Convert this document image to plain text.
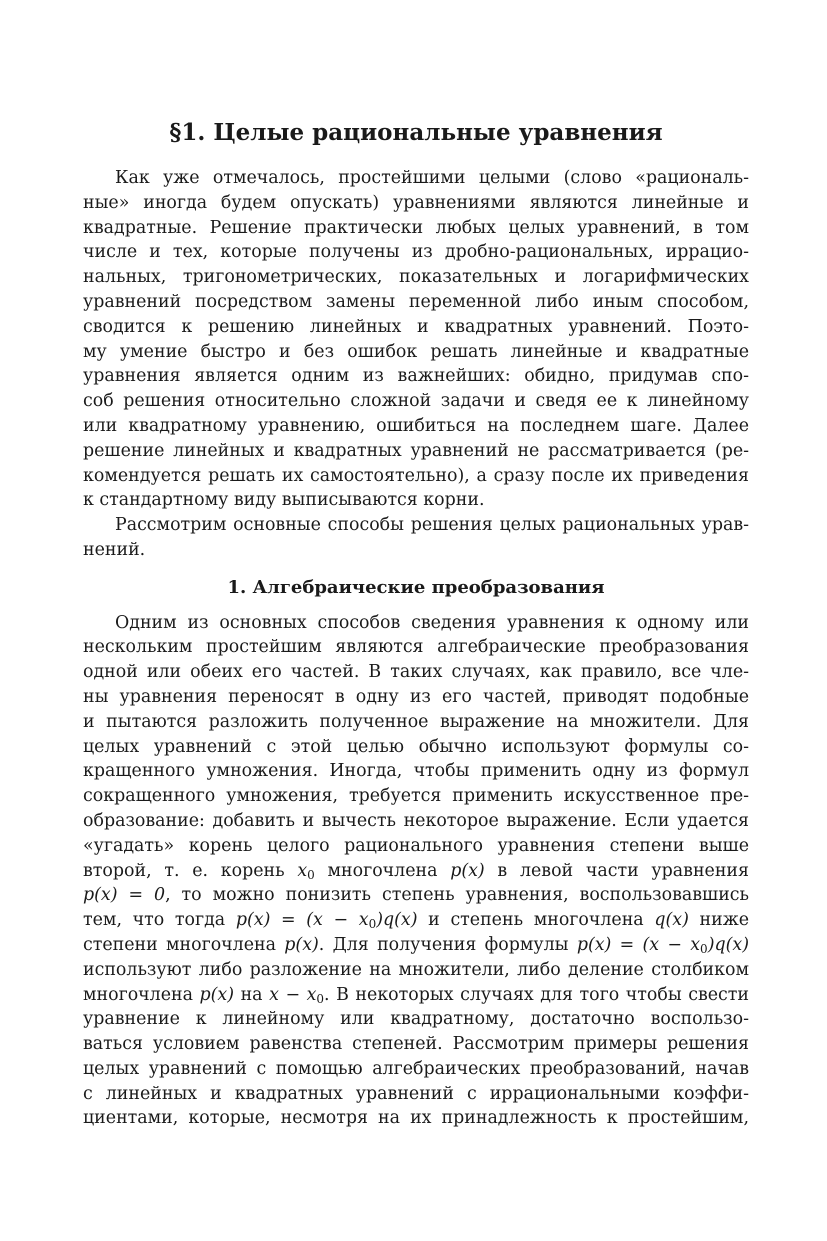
§1. Целые рациональные уравнения
Как уже отмечалось, простейшими целыми (слово «рациональ-
ные» иногда будем опускать) уравнениями являются линейные и
квадратные. Решение практически любых целых уравнений, в том
числе и тех, которые получены из дробно-рациональных, иррацио-
нальных, тригонометрических, показательных и логарифмических
уравнений посредством замены переменной либо иным способом,
сводится к решению линейных и квадратных уравнений. Поэто-
му умение быстро и без ошибок решать линейные и квадратные
уравнения является одним из важнейших: обидно, придумав спо-
соб решения относительно сложной задачи и сведя ее к линейному
или квадратному уравнению, ошибиться на последнем шаге. Далее
решение линейных и квадратных уравнений не рассматривается (ре-
комендуется решать их самостоятельно), а сразу после их приведения
к стандартному виду выписываются корни.
Рассмотрим основные способы решения целых рациональных урав-
нений.
1. Алгебраические преобразования
Одним из основных способов сведения уравнения к одному или
нескольким простейшим являются алгебраические преобразования
одной или обеих его частей. В таких случаях, как правило, все чле-
ны уравнения переносят в одну из его частей, приводят подобные
и пытаются разложить полученное выражение на множители. Для
целых уравнений с этой целью обычно используют формулы со-
кращенного умножения. Иногда, чтобы применить одну из формул
сокращенного умножения, требуется применить искусственное пре-
образование: добавить и вычесть некоторое выражение. Если удается
«угадать» корень целого рационального уравнения степени выше
второй, т. е. корень $x_0$ многочлена p(x) в левой части уравнения
p(x) = 0, то можно понизить степень уравнения, воспользовавшись
тем, что тогда $p(x) = (x - x_0)q(x)$ и степень многочлена q(x) ниже
степени многочлена p(x). Для получения формулы $p(x) = (x - x_0)q(x)$
используют либо разложение на множители, либо деление столбиком
многочлена p(x) на $x - x_0$. В некоторых случаях для того чтобы свести
уравнение к линейному или квадратному, достаточно воспользо-
ваться условием равенства степеней. Рассмотрим примеры решения
целых уравнений с помощью алгебраических преобразований, начав
с линейных и квадратных уравнений с иррациональными коэффи-
циентами, которые, несмотря на их принадлежность к простейшим,
